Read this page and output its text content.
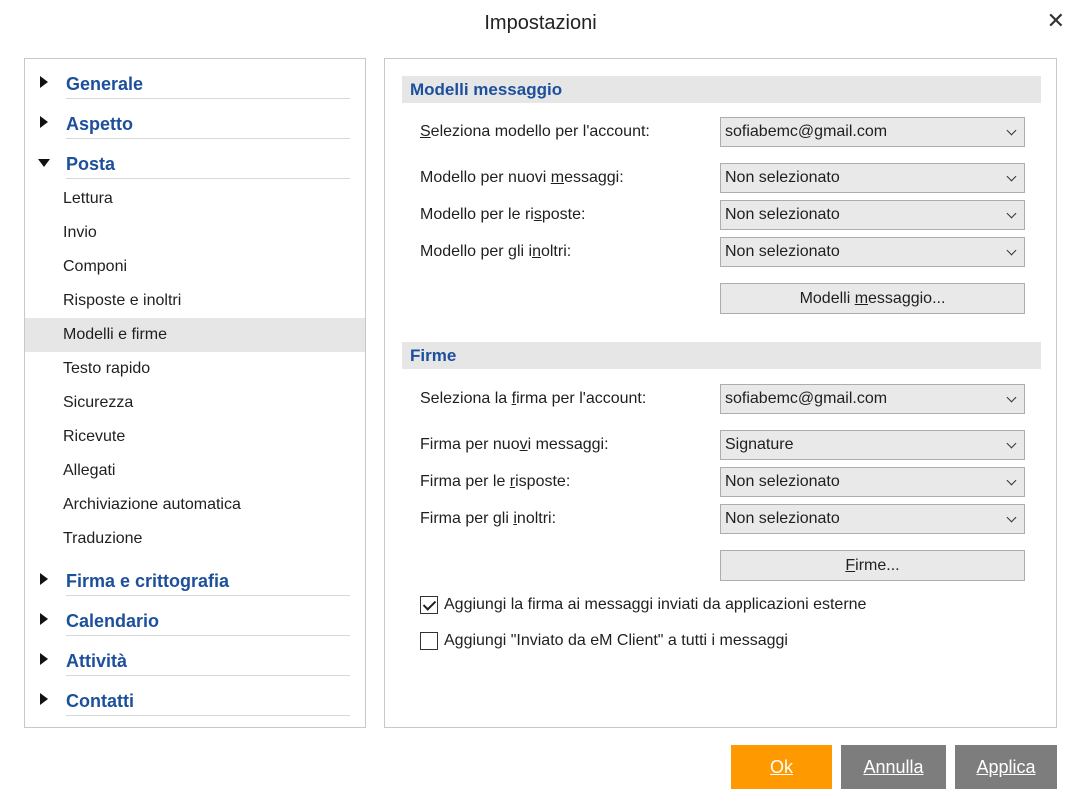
Impostazioni	✕
Generale
Aspetto
Posta
Lettura
Invio
Componi
Risposte e inoltri
Modelli e firme
Testo rapido
Sicurezza
Ricevute
Allegati
Archiviazione automatica
Traduzione
Firma e crittografia
Calendario
Attività
Contatti
Modelli messaggio
Seleziona modello per l'account:	sofiabemc@gmail.com
Modello per nuovi messaggi:	Non selezionato
Modello per le risposte:	Non selezionato
Modello per gli inoltri:	Non selezionato
Modelli messaggio...
Firme
Seleziona la firma per l'account:	sofiabemc@gmail.com
Firma per nuovi messaggi:	Signature
Firma per le risposte:	Non selezionato
Firma per gli inoltri:	Non selezionato
Firme...
Aggiungi la firma ai messaggi inviati da applicazioni esterne
Aggiungi "Inviato da eM Client" a tutti i messaggi
Ok	Annulla	Applica
